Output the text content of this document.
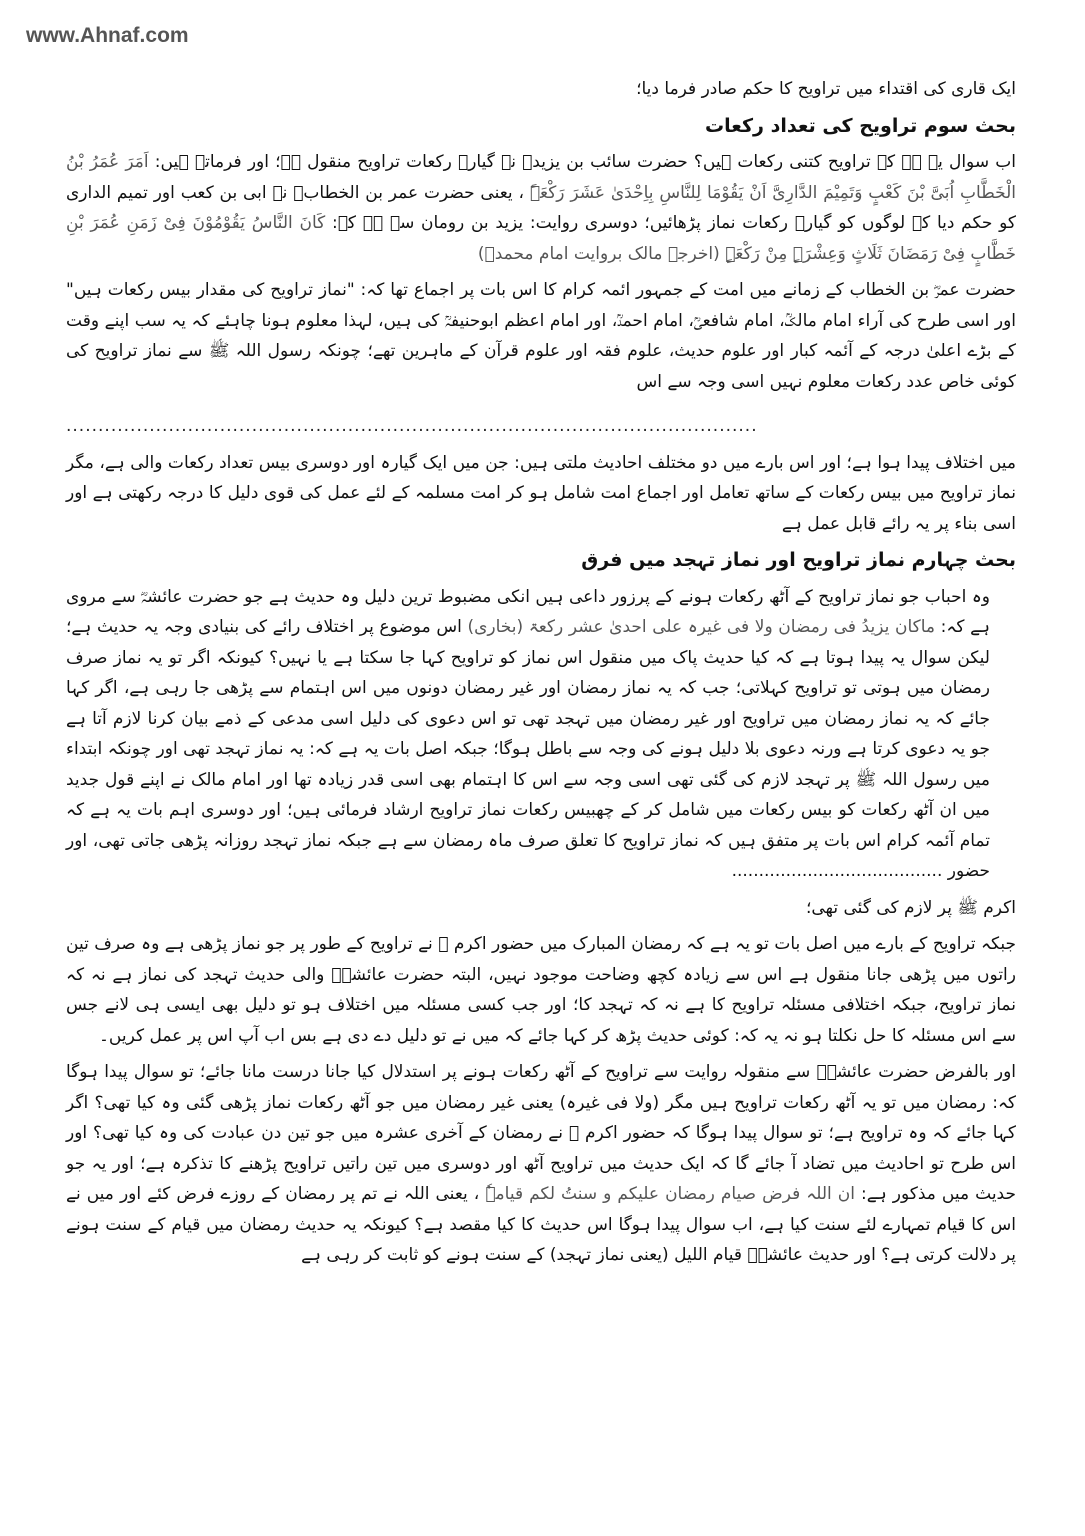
www.Ahnaf.com

ایک قاری کی اقتداء میں تراویح کا حکم صادر فرما دیا؛

بحث سوم تراویح کی تعداد رکعات

اب سوال یہ ہے کہ تراویح کتنی رکعات ہیں؟ حضرت سائب بن یزیدؓ نے گیارہ رکعات تراویح منقول ہے؛ اور فرماتے ہیں: اَمَرَ عُمَرُ بْنُ الْخَطَّابِ اُبَیَّ بْنَ کَعْبٍ وَتَمِیْمَ الدَّارِیَّ اَنْ یَقُوْمَا لِلنَّاسِ بِاِحْدَیٰ عَشَرَ رَکْعَۃً ، یعنی حضرت عمر بن الخطابؓ نے ابی بن کعب اور تمیم الداری کو حکم دیا کہ لوگوں کو گیارہ رکعات نماز پڑھائیں؛ دوسری روایت: یزید بن رومان سے ہے کہ: کَانَ النَّاسُ یَقُوْمُوْنَ فِیْ زَمَنِ عُمَرَ بْنِ خَطَّابٍ فِیْ رَمَضَانَ ثَلَاثٍ وَعِشْرَۃٍ مِنْ رَکْعَۃٍ (اخرجہ مالک بروایت امام محمدؒ)

حضرت عمرؓ بن الخطاب کے زمانے میں امت کے جمہور ائمہ کرام کا اس بات پر اجماع تھا کہ: "نماز تراویح کی مقدار بیس رکعات ہیں" اور اسی طرح کی آراء امام مالکؒ، امام شافعیؒ، امام احمدؒ، اور امام اعظم ابوحنیفہؒ کی ہیں، لہذا معلوم ہونا چاہئے کہ یہ سب اپنے وقت کے بڑے اعلیٰ درجہ کے آئمہ کبار اور علوم حدیث، علوم فقہ اور علوم قرآن کے ماہرین تھے؛ چونکہ رسول اللہ ﷺ سے نماز تراویح کی کوئی خاص عدد رکعات معلوم نہیں اسی وجہ سے اس

............................................................................................................

میں اختلاف پیدا ہوا ہے؛ اور اس بارے میں دو مختلف احادیث ملتی ہیں: جن میں ایک گیارہ اور دوسری بیس تعداد رکعات والی ہے، مگر نماز تراویح میں بیس رکعات کے ساتھ تعامل اور اجماع امت شامل ہو کر امت مسلمہ کے لئے عمل کی قوی دلیل کا درجہ رکھتی ہے اور اسی بناء پر یہ رائے قابل عمل ہے

بحث چہارم نماز تراویح اور نماز تہجد میں فرق

وہ احباب جو نماز تراویح کے آٹھ رکعات ہونے کے پرزور داعی ہیں انکی مضبوط ترین دلیل وہ حدیث ہے جو حضرت عائشہؓ سے مروی ہے کہ: ماکان یزیدُ فی رمضان ولا فی غیرہ علی احدیٰ عشر رکعۃ (بخاری) اس موضوع پر اختلاف رائے کی بنیادی وجہ یہ حدیث ہے؛ لیکن سوال یہ پیدا ہوتا ہے کہ کیا حدیث پاک میں منقول اس نماز کو تراویح کہا جا سکتا ہے یا نہیں؟ کیونکہ اگر تو یہ نماز صرف رمضان میں ہوتی تو تراویح کہلاتی؛ جب کہ یہ نماز رمضان اور غیر رمضان دونوں میں اس اہتمام سے پڑھی جا رہی ہے، اگر کہا جائے کہ یہ نماز رمضان میں تراویح اور غیر رمضان میں تہجد تھی تو اس دعوی کی دلیل اسی مدعی کے ذمے بیان کرنا لازم آتا ہے جو یہ دعوی کرتا ہے ورنہ دعوی بلا دلیل ہونے کی وجہ سے باطل ہوگا؛ جبکہ اصل بات یہ ہے کہ: یہ نماز تہجد تھی اور چونکہ ابتداء میں رسول اللہ ﷺ پر تہجد لازم کی گئی تھی اسی وجہ سے اس کا اہتمام بھی اسی قدر زیادہ تھا اور امام مالک نے اپنے قول جدید میں ان آٹھ رکعات کو بیس رکعات میں شامل کر کے چھبیس رکعات نماز تراویح ارشاد فرمائی ہیں؛ اور دوسری اہم بات یہ ہے کہ تمام آئمہ کرام اس بات پر متفق ہیں کہ نماز تراویح کا تعلق صرف ماہ رمضان سے ہے جبکہ نماز تہجد روزانہ پڑھی جاتی تھی، اور حضور .......................................

اکرم ﷺ پر لازم کی گئی تھی؛

جبکہ تراویح کے بارے میں اصل بات تو یہ ہے کہ رمضان المبارک میں حضور اکرم ﷺ نے تراویح کے طور پر جو نماز پڑھی ہے وہ صرف تین راتوں میں پڑھی جانا منقول ہے اس سے زیادہ کچھ وضاحت موجود نہیں، البتہ حضرت عائشہؓ والی حدیث تہجد کی نماز ہے نہ کہ نماز تراویح، جبکہ اختلافی مسئلہ تراویح کا ہے نہ کہ تہجد کا؛ اور جب کسی مسئلہ میں اختلاف ہو تو دلیل بھی ایسی ہی لانے جس سے اس مسئلہ کا حل نکلتا ہو نہ یہ کہ: کوئی حدیث پڑھ کر کہا جائے کہ میں نے تو دلیل دے دی ہے بس اب آپ اس پر عمل کریں۔

اور بالفرض حضرت عائشہؓ سے منقولہ روایت سے تراویح کے آٹھ رکعات ہونے پر استدلال کیا جانا درست مانا جائے؛ تو سوال پیدا ہوگا کہ: رمضان میں تو یہ آٹھ رکعات تراویح ہیں مگر (ولا فی غیرہ) یعنی غیر رمضان میں جو آٹھ رکعات نماز پڑھی گئی وہ کیا تھی؟ اگر کہا جائے کہ وہ تراویح ہے؛ تو سوال پیدا ہوگا کہ حضور اکرم ﷺ نے رمضان کے آخری عشرہ میں جو تین دن عبادت کی وہ کیا تھی؟ اور اس طرح تو احادیث میں تضاد آ جائے گا کہ ایک حدیث میں تراویح آٹھ اور دوسری میں تین راتیں تراویح پڑھنے کا تذکرہ ہے؛ اور یہ جو حدیث میں مذکور ہے: ان اللہ فرض صیام رمضان علیکم و سنتُ لکم قیامہٗ ، یعنی اللہ نے تم پر رمضان کے روزے فرض کئے اور میں نے اس کا قیام تمہارے لئے سنت کیا ہے، اب سوال پیدا ہوگا اس حدیث کا کیا مقصد ہے؟ کیونکہ یہ حدیث رمضان میں قیام کے سنت ہونے پر دلالت کرتی ہے؟ اور حدیث عائشہؓ قیام اللیل (یعنی نماز تہجد) کے سنت ہونے کو ثابت کر رہی ہے
